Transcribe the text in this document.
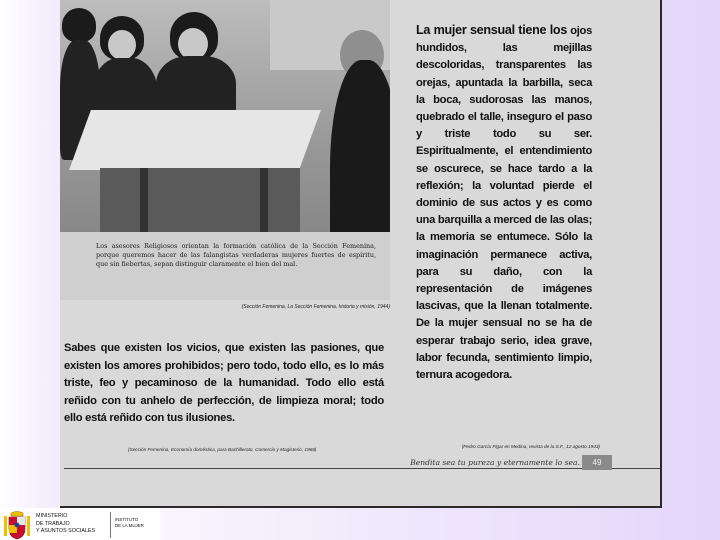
Los asesores Religiosos orientan la formación católica de la Sección Femenina, porque queremos hacer de las falangistas verdaderas mujeres fuertes de espíritu, que sin fiebertas, sepan distinguir claramente el bien del mal.

(Sección Femenina, La Sección Femenina, historia y misión, 1944)

Sabes que existen los vicios, que existen las pasiones, que existen los amores prohibidos; pero todo, todo ello, es lo más triste, feo y pecaminoso de la humanidad. Todo ello está reñido con tu anhelo de perfección, de limpieza moral; todo ello está reñido con tus ilusiones.

(Sección Femenina, Economía doméstica, para Bachillerato, Comercio y Magisterio, 1968)

La mujer sensual tiene los ojos hundidos, las mejillas descoloridas, transparentes las orejas, apuntada la barbilla, seca la boca, sudorosas las manos, quebrado el talle, inseguro el paso y triste todo su ser. Espiritualmente, el entendimiento se oscurece, se hace tardo a la reflexión; la voluntad pierde el dominio de sus actos y es como una barquilla a merced de las olas; la memoria se entumece. Sólo la imaginación permanece activa, para su daño, con la representación de imágenes lascivas, que la llenan totalmente. De la mujer sensual no se ha de esperar trabajo serio, idea grave, labor fecunda, sentimiento limpio, ternura acogedora.

(Pedro García Figar en Medina, revista de la S.F., 12 agosto 1943)

Bendita sea tu pureza y eternamente lo sea.	49
MINISTERIO
DE TRABAJO
Y ASUNTOS SOCIALES
INSTITUTO
DE LA MUJER
